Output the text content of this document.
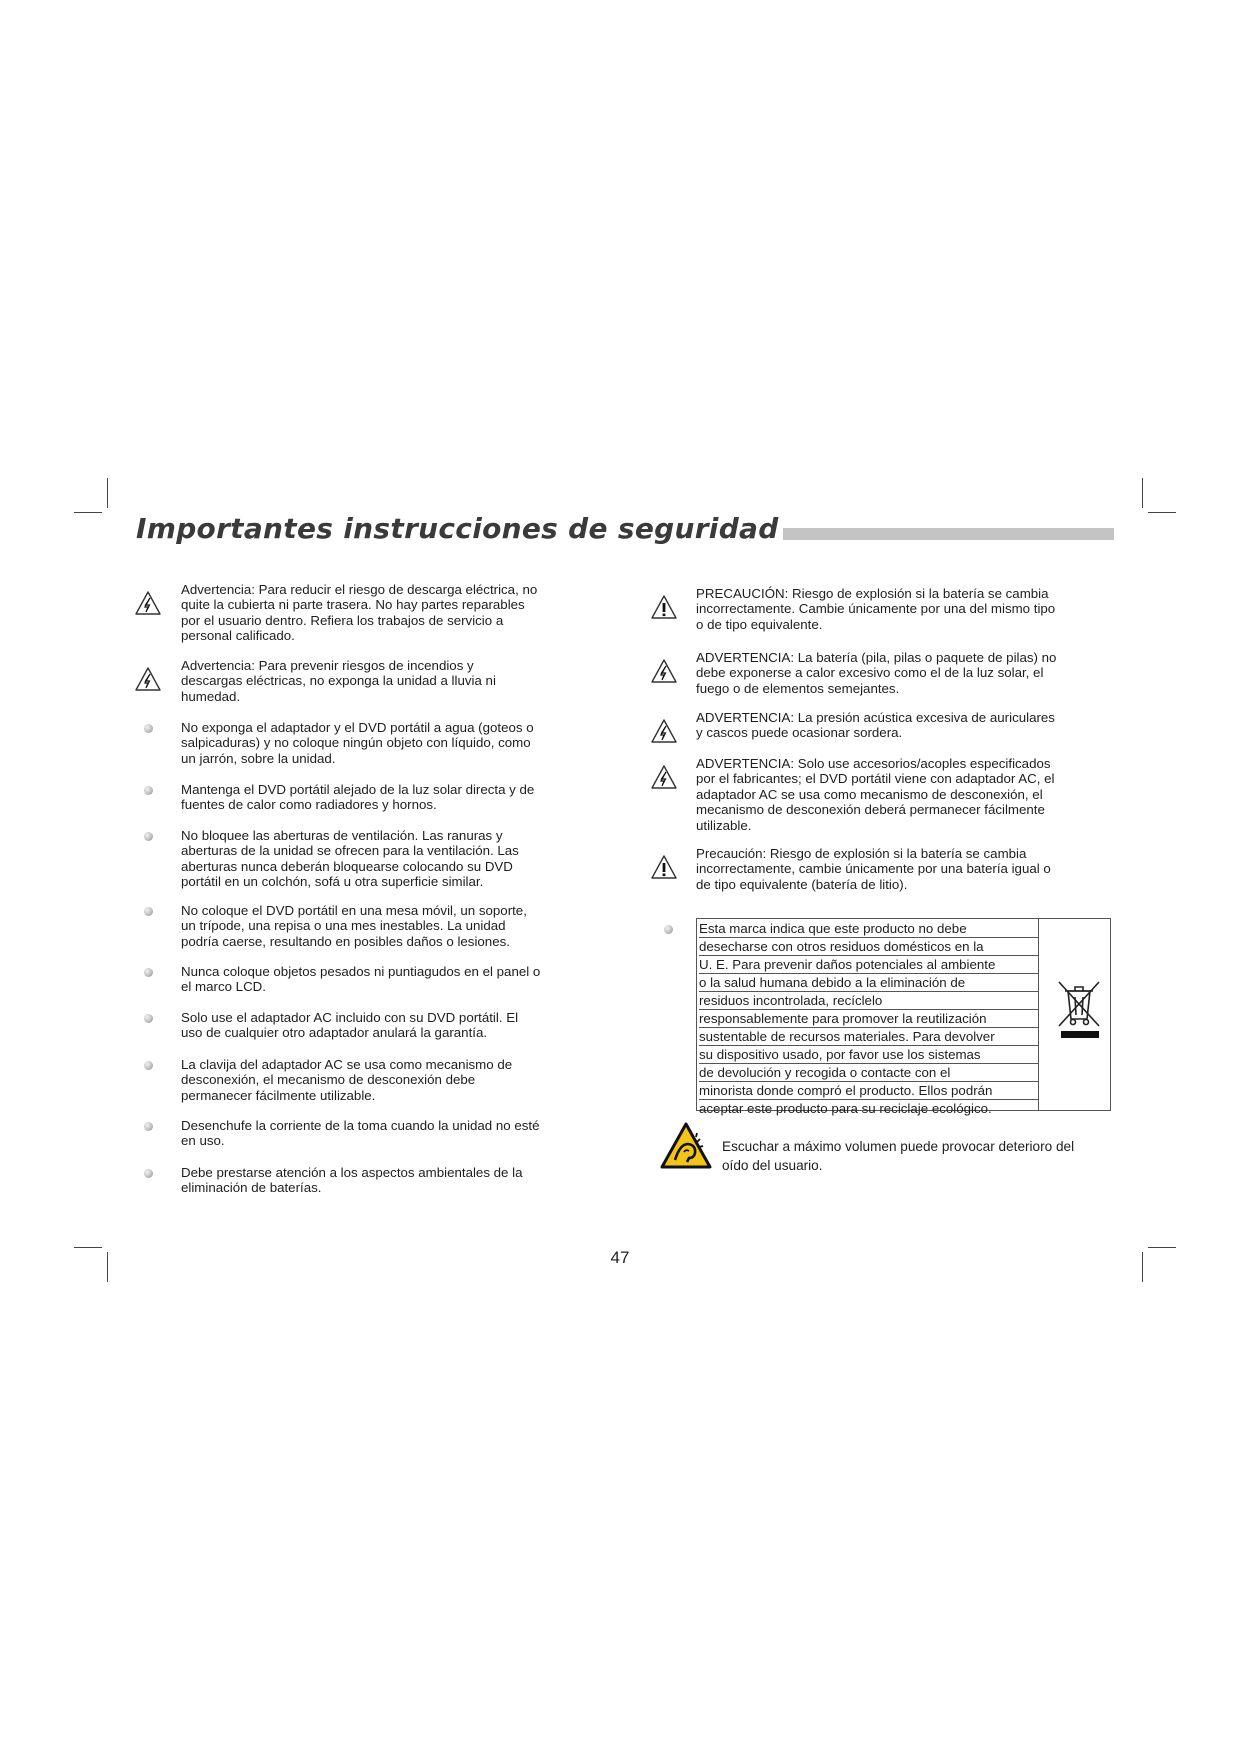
Importantes instrucciones de seguridad
Advertencia: Para reducir el riesgo de descarga eléctrica, no
quite la cubierta ni parte trasera. No hay partes reparables
por el usuario dentro. Refiera los trabajos de servicio a
personal calificado.
Advertencia: Para prevenir riesgos de incendios y
descargas eléctricas, no exponga la unidad a lluvia ni
humedad.
No exponga el adaptador y el DVD portátil a agua (goteos o
salpicaduras) y no coloque ningún objeto con líquido, como
un jarrón, sobre la unidad.
Mantenga el DVD portátil alejado de la luz solar directa y de
fuentes de calor como radiadores y hornos.
No bloquee las aberturas de ventilación. Las ranuras y
aberturas de la unidad se ofrecen para la ventilación. Las
aberturas nunca deberán bloquearse colocando su DVD
portátil en un colchón, sofá u otra superficie similar.
No coloque el DVD portátil en una mesa móvil, un soporte,
un trípode, una repisa o una mes inestables. La unidad
podría caerse, resultando en posibles daños o lesiones.
Nunca coloque objetos pesados ni puntiagudos en el panel o
el marco LCD.
Solo use el adaptador AC incluido con su DVD portátil. El
uso de cualquier otro adaptador anulará la garantía.
La clavija del adaptador AC se usa como mecanismo de
desconexión, el mecanismo de desconexión debe
permanecer fácilmente utilizable.
Desenchufe la corriente de la toma cuando la unidad no esté
en uso.
Debe prestarse atención a los aspectos ambientales de la
eliminación de baterías.
PRECAUCIÓN: Riesgo de explosión si la batería se cambia
incorrectamente. Cambie únicamente por una del mismo tipo
o de tipo equivalente.
ADVERTENCIA: La batería (pila, pilas o paquete de pilas) no
debe exponerse a calor excesivo como el de la luz solar, el
fuego o de elementos semejantes.
ADVERTENCIA: La presión acústica excesiva de auriculares
y cascos puede ocasionar sordera.
ADVERTENCIA: Solo use accesorios/acoples especificados
por el fabricantes; el DVD portátil viene con adaptador AC, el
adaptador AC se usa como mecanismo de desconexión, el
mecanismo de desconexión deberá permanecer fácilmente
utilizable.
Precaución: Riesgo de explosión si la batería se cambia
incorrectamente, cambie únicamente por una batería igual o
de tipo equivalente (batería de litio).
Esta marca indica que este producto no debe
desecharse con otros residuos domésticos en la
U. E. Para prevenir daños potenciales al ambiente
o la salud humana debido a la eliminación de
residuos incontrolada, recíclelo
responsablemente para promover la reutilización
sustentable de recursos materiales. Para devolver
su dispositivo usado, por favor use los sistemas
de devolución y recogida o contacte con el
minorista donde compró el producto. Ellos podrán
aceptar este producto para su reciclaje ecológico.
Escuchar a máximo volumen puede provocar deterioro del
oído del usuario.
47
